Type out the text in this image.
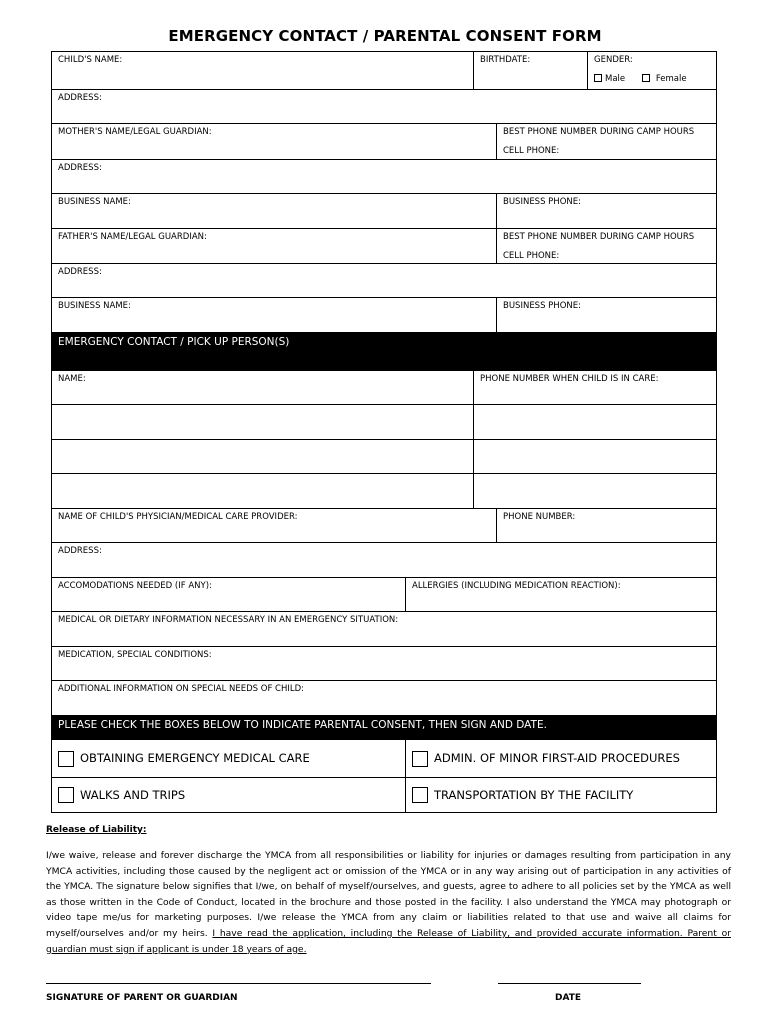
EMERGENCY CONTACT / PARENTAL CONSENT FORM
CHILD'S NAME:	BIRTHDATE:	GENDER:
Male	Female
ADDRESS:
MOTHER'S NAME/LEGAL GUARDIAN:	BEST PHONE NUMBER DURING CAMP HOURS
CELL PHONE:
ADDRESS:
BUSINESS NAME:	BUSINESS PHONE:
FATHER'S NAME/LEGAL GUARDIAN:	BEST PHONE NUMBER DURING CAMP HOURS
CELL PHONE:
ADDRESS:
BUSINESS NAME:	BUSINESS PHONE:
EMERGENCY CONTACT / PICK UP PERSON(S)
NAME:	PHONE NUMBER WHEN CHILD IS IN CARE:
NAME OF CHILD'S PHYSICIAN/MEDICAL CARE PROVIDER:	PHONE NUMBER:
ADDRESS:
ACCOMODATIONS NEEDED (IF ANY):	ALLERGIES (INCLUDING MEDICATION REACTION):
MEDICAL OR DIETARY INFORMATION NECESSARY IN AN EMERGENCY SITUATION:
MEDICATION, SPECIAL CONDITIONS:
ADDITIONAL INFORMATION ON SPECIAL NEEDS OF CHILD:
PLEASE CHECK THE BOXES BELOW TO INDICATE PARENTAL CONSENT, THEN SIGN AND DATE.
OBTAINING EMERGENCY MEDICAL CARE	ADMIN. OF MINOR FIRST-AID PROCEDURES
WALKS AND TRIPS	TRANSPORTATION BY THE FACILITY
Release of Liability:
I/we waive, release and forever discharge the YMCA from all responsibilities or liability for injuries or damages resulting from participation in any YMCA activities, including those caused by the negligent act or omission of the YMCA or in any way arising out of participation in any activities of the YMCA. The signature below signifies that I/we, on behalf of myself/ourselves, and guests, agree to adhere to all policies set by the YMCA as well as those written in the Code of Conduct, located in the brochure and those posted in the facility. I also understand the YMCA may photograph or video tape me/us for marketing purposes. I/we release the YMCA from any claim or liabilities related to that use and waive all claims for myself/ourselves and/or my heirs. I have read the application, including the Release of Liability, and provided accurate information. Parent or guardian must sign if applicant is under 18 years of age.
SIGNATURE OF PARENT OR GUARDIAN	DATE
